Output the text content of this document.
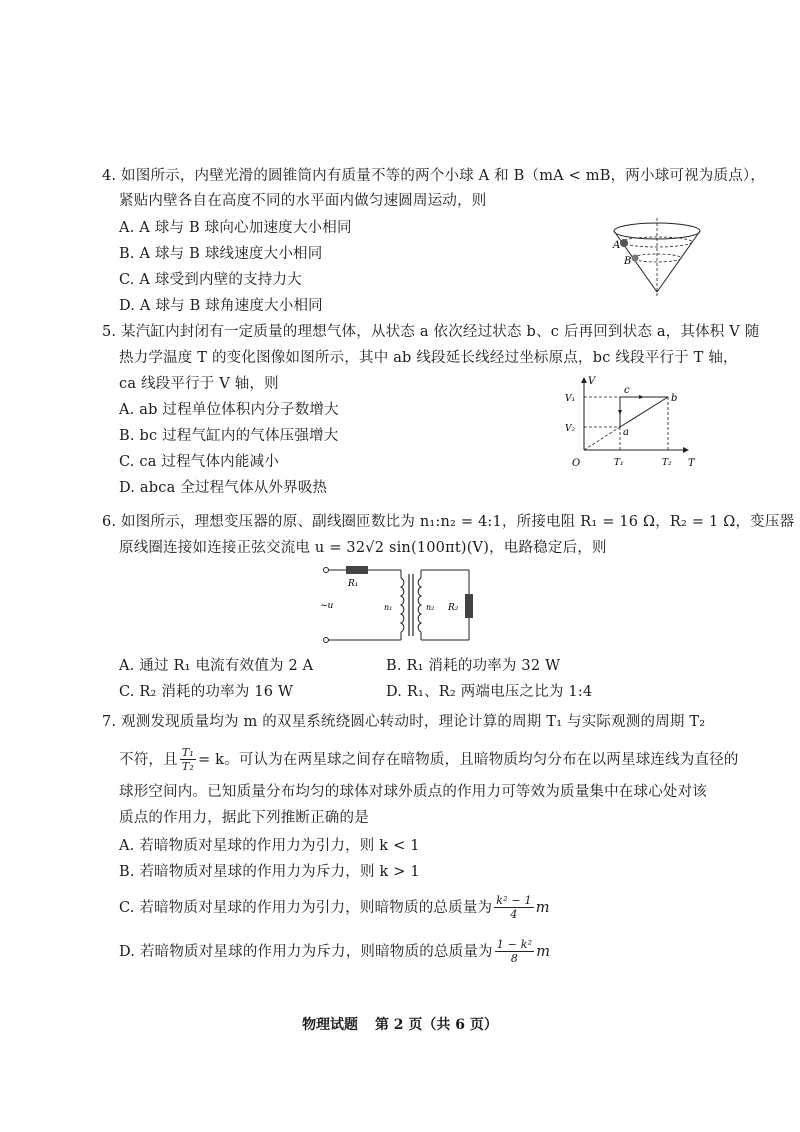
4. 如图所示，内壁光滑的圆锥筒内有质量不等的两个小球 A 和 B（mA < mB，两小球可视为质点），
紧贴内壁各自在高度不同的水平面内做匀速圆周运动，则
A. A 球与 B 球向心加速度大小相同
B. A 球与 B 球线速度大小相同
C. A 球受到内壁的支持力大
D. A 球与 B 球角速度大小相同
A
B
5. 某汽缸内封闭有一定质量的理想气体，从状态 a 依次经过状态 b、c 后再回到状态 a，其体积 V 随
热力学温度 T 的变化图像如图所示，其中 ab 线段延长线经过坐标原点，bc 线段平行于 T 轴，
ca 线段平行于 V 轴，则
A. ab 过程单位体积内分子数增大
B. bc 过程气缸内的气体压强增大
C. ca 过程气体内能减小
D. abca 全过程气体从外界吸热
V
T
O
V₁
V₂
T₁	T₂
a
b
c
6. 如图所示，理想变压器的原、副线圈匝数比为 n₁:n₂ = 4:1，所接电阻 R₁ = 16 Ω，R₂ = 1 Ω，变压器
原线圈连接如连接正弦交流电 u = 32√2 sin(100πt)(V)，电路稳定后，则
R₁
R₂
n₁	n₂
~u
A. 通过 R₁ 电流有效值为 2 A	B. R₁ 消耗的功率为 32 W
C. R₂ 消耗的功率为 16 W	D. R₁、R₂ 两端电压之比为 1:4
7. 观测发现质量均为 m 的双星系统绕圆心转动时，理论计算的周期 T₁ 与实际观测的周期 T₂
不符，且 $\frac{\text{T₁}}{\text{T₂}} = k$。可认为在两星球之间存在暗物质，且暗物质均匀分布在以两星球连线为直径的
球形空间内。已知质量分布均匀的球体对球外质点的作用力可等效为质量集中在球心处对该
质点的作用力，据此下列推断正确的是
A. 若暗物质对星球的作用力为引力，则 k < 1
B. 若暗物质对星球的作用力为斥力，则 k > 1
C. 若暗物质对星球的作用力为引力，则暗物质的总质量为 $\frac{\text{k² − 1}}{4}$ m
D. 若暗物质对星球的作用力为斥力，则暗物质的总质量为 $\frac{\text{1 − k²}}{8}$ m
物理试题 第 2 页（共 6 页）
